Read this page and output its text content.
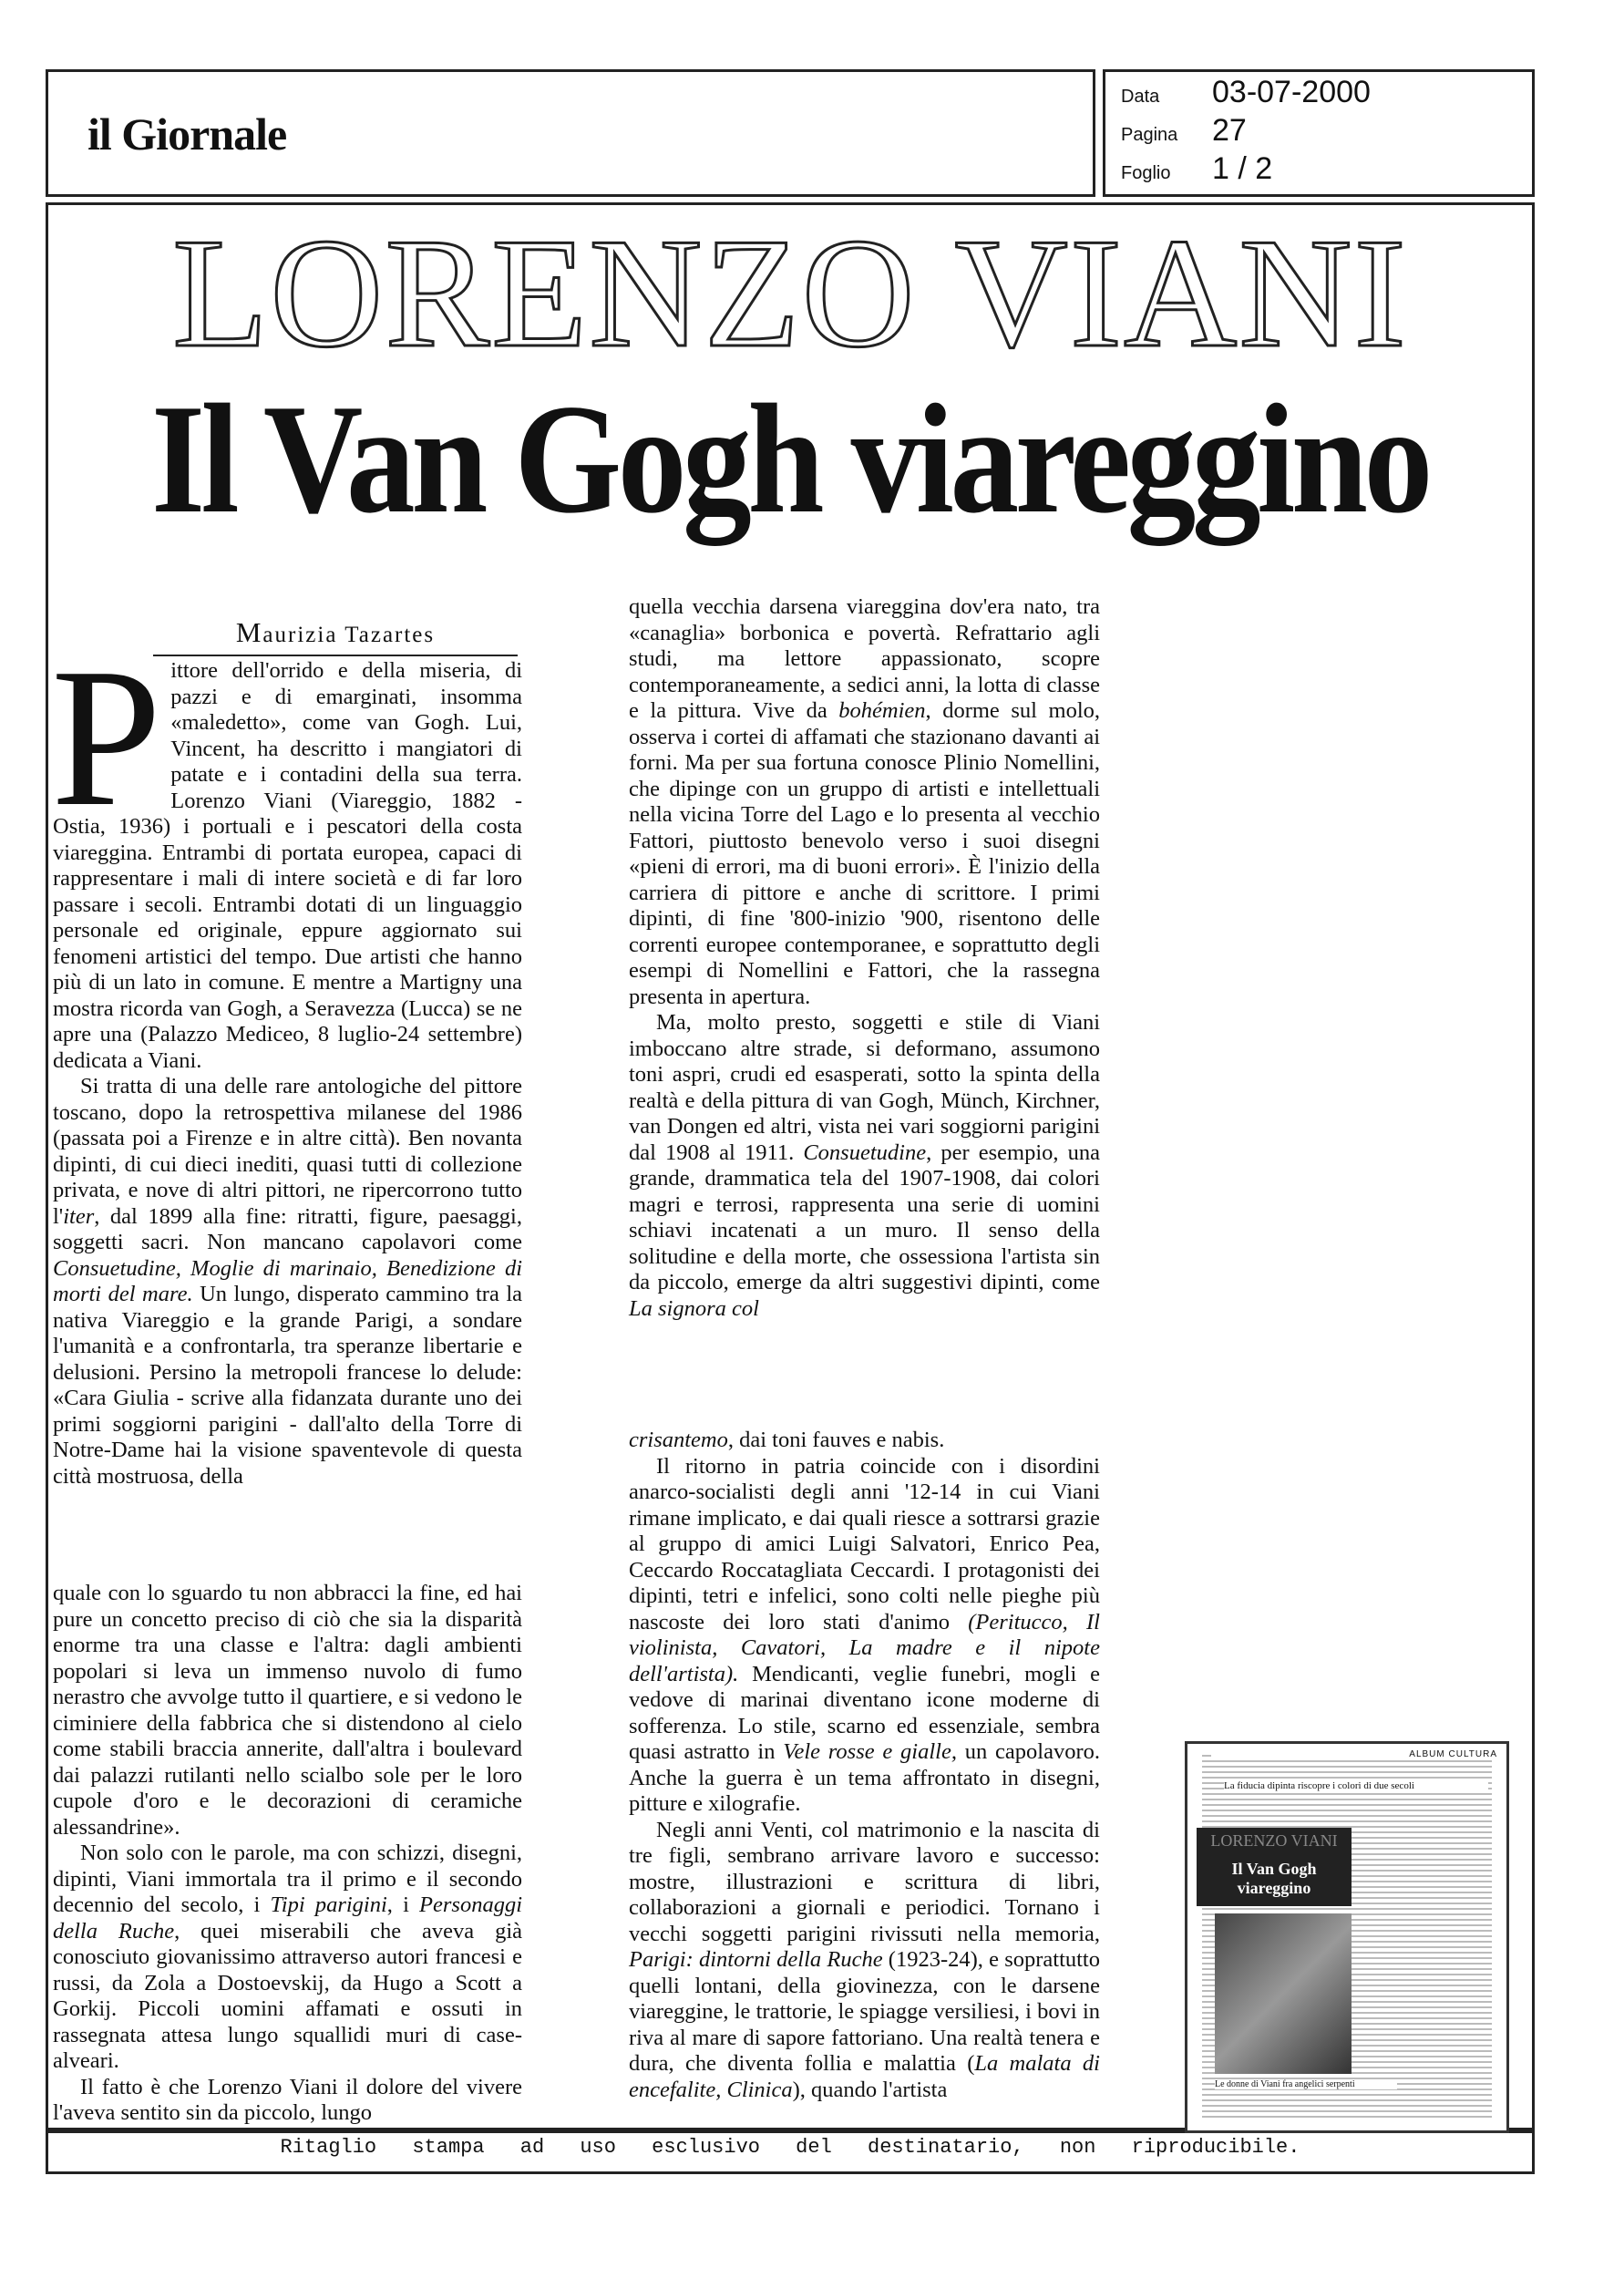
il Giornale
Data	03-07-2000
Pagina	27
Foglio	1 / 2
LORENZO VIANI
Il Van Gogh viareggino
Maurizia Tazartes
P ittore dell'orrido e della miseria, di pazzi e di emarginati, insomma «maledetto», come van Gogh. Lui, Vincent, ha descritto i mangiatori di patate e i contadini della sua terra. Lorenzo Viani (Viareggio, 1882 - Ostia, 1936) i portuali e i pescatori della costa viareggina. Entrambi di portata europea, capaci di rappresentare i mali di intere società e di far loro passare i secoli. Entrambi dotati di un linguaggio personale ed originale, eppure aggiornato sui fenomeni artistici del tempo. Due artisti che hanno più di un lato in comune. E mentre a Martigny una mostra ricorda van Gogh, a Seravezza (Lucca) se ne apre una (Palazzo Mediceo, 8 luglio-24 settembre) dedicata a Viani.

Si tratta di una delle rare antologiche del pittore toscano, dopo la retrospettiva milanese del 1986 (passata poi a Firenze e in altre città). Ben novanta dipinti, di cui dieci inediti, quasi tutti di collezione privata, e nove di altri pittori, ne ripercorrono tutto l'iter, dal 1899 alla fine: ritratti, figure, paesaggi, soggetti sacri. Non mancano capolavori come Consuetudine, Moglie di marinaio, Benedizione di morti del mare. Un lungo, disperato cammino tra la nativa Viareggio e la grande Parigi, a sondare l'umanità e a confrontarla, tra speranze libertarie e delusioni. Persino la metropoli francese lo delude: «Cara Giulia - scrive alla fidanzata durante uno dei primi soggiorni parigini - dall'alto della Torre di Notre-Dame hai la visione spaventevole di questa città mostruosa, della

quale con lo sguardo tu non abbracci la fine, ed hai pure un concetto preciso di ciò che sia la disparità enorme tra una classe e l'altra: dagli ambienti popolari si leva un immenso nuvolo di fumo nerastro che avvolge tutto il quartiere, e si vedono le ciminiere della fabbrica che si distendono al cielo come stabili braccia annerite, dall'altra i boulevard dai palazzi rutilanti nello scialbo sole per le loro cupole d'oro e le decorazioni di ceramiche alessandrine».

Non solo con le parole, ma con schizzi, disegni, dipinti, Viani immortala tra il primo e il secondo decennio del secolo, i Tipi parigini, i Personaggi della Ruche, quei miserabili che aveva già conosciuto giovanissimo attraverso autori francesi e russi, da Zola a Dostoevskij, da Hugo a Scott a Gorkij. Piccoli uomini affamati e ossuti in rassegnata attesa lungo squallidi muri di case-alveari.

Il fatto è che Lorenzo Viani il dolore del vivere l'aveva sentito sin da piccolo, lungo

quella vecchia darsena viareggina dov'era nato, tra «canaglia» borbonica e povertà. Refrattario agli studi, ma lettore appassionato, scopre contemporaneamente, a sedici anni, la lotta di classe e la pittura. Vive da bohémien, dorme sul molo, osserva i cortei di affamati che stazionano davanti ai forni. Ma per sua fortuna conosce Plinio Nomellini, che dipinge con un gruppo di artisti e intellettuali nella vicina Torre del Lago e lo presenta al vecchio Fattori, piuttosto benevolo verso i suoi disegni «pieni di errori, ma di buoni errori». È l'inizio della carriera di pittore e anche di scrittore. I primi dipinti, di fine '800-inizio '900, risentono delle correnti europee contemporanee, e soprattutto degli esempi di Nomellini e Fattori, che la rassegna presenta in apertura.

Ma, molto presto, soggetti e stile di Viani imboccano altre strade, si deformano, assumono toni aspri, crudi ed esasperati, sotto la spinta della realtà e della pittura di van Gogh, Münch, Kirchner, van Dongen ed altri, vista nei vari soggiorni parigini dal 1908 al 1911. Consuetudine, per esempio, una grande, drammatica tela del 1907-1908, dai colori magri e terrosi, rappresenta una serie di uomini schiavi incatenati a un muro. Il senso della solitudine e della morte, che ossessiona l'artista sin da piccolo, emerge da altri suggestivi dipinti, come La signora col

crisantemo, dai toni fauves e nabis.

Il ritorno in patria coincide con i disordini anarco-socialisti degli anni '12-14 in cui Viani rimane implicato, e dai quali riesce a sottrarsi grazie al gruppo di amici Luigi Salvatori, Enrico Pea, Ceccardo Roccatagliata Ceccardi. I protagonisti dei dipinti, tetri e infelici, sono colti nelle pieghe più nascoste dei loro stati d'animo (Peritucco, Il violinista, Cavatori, La madre e il nipote dell'artista). Mendicanti, veglie funebri, mogli e vedove di marinai diventano icone moderne di sofferenza. Lo stile, scarno ed essenziale, sembra quasi astratto in Vele rosse e gialle, un capolavoro. Anche la guerra è un tema affrontato in disegni, pitture e xilografie.

Negli anni Venti, col matrimonio e la nascita di tre figli, sembrano arrivare lavoro e successo: mostre, illustrazioni e scrittura di libri, collaborazioni a giornali e periodici. Tornano i vecchi soggetti parigini rivissuti nella memoria, Parigi: dintorni della Ruche (1923-24), e soprattutto quelli lontani, della giovinezza, con le darsene viareggine, le trattorie, le spiagge versiliesi, i bovi in riva al mare di sapore fattoriano. Una realtà tenera e dura, che diventa follia e malattia (La malata di encefalite, Clinica), quando l'artista

ALBUM CULTURA
La fiducia dipinta riscopre i colori di due secoli
LORENZO VIANI
Il Van Gogh viareggino
Le donne di Viani fra angelici serpenti
Ritaglio stampa ad uso esclusivo del destinatario, non riproducibile.
